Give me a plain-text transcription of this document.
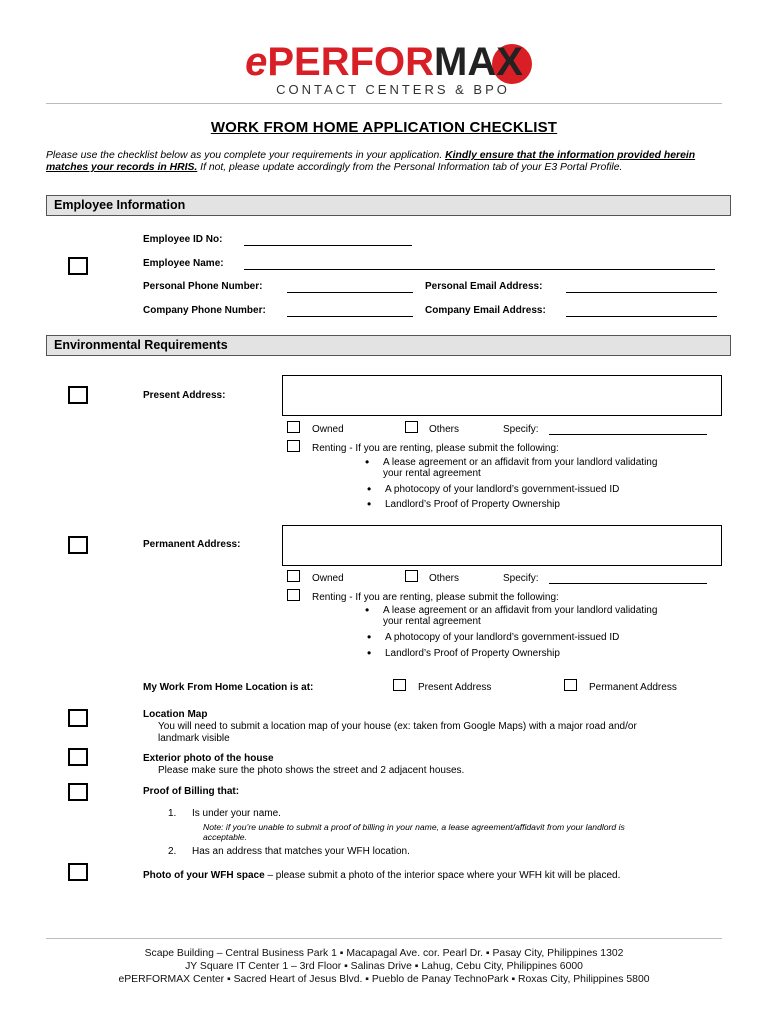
ePERFORMA
X
CONTACT CENTERS & BPO
WORK FROM HOME APPLICATION CHECKLIST
Please use the checklist below as you complete your requirements in your application. Kindly ensure that the information provided herein matches your records in HRIS. If not, please update accordingly from the Personal Information tab of your E3 Portal Profile.
Employee Information
Employee ID No:
Employee Name:
Personal Phone Number:	Personal Email Address:
Company Phone Number:	Company Email Address:
Environmental Requirements
Present Address:
Owned	Others	Specify:
Renting - If you are renting, please submit the following:
• A lease agreement or an affidavit from your landlord validating
your rental agreement
• A photocopy of your landlord’s government-issued ID
• Landlord’s Proof of Property Ownership
Permanent Address:
Owned	Others	Specify:
Renting - If you are renting, please submit the following:
• A lease agreement or an affidavit from your landlord validating
your rental agreement
• A photocopy of your landlord’s government-issued ID
• Landlord’s Proof of Property Ownership
My Work From Home Location is at:	Present Address	Permanent Address
Location Map
You will need to submit a location map of your house (ex: taken from Google Maps) with a major road and/or
landmark visible
Exterior photo of the house
Please make sure the photo shows the street and 2 adjacent houses.
Proof of Billing that:
1. Is under your name.
Note: if you’re unable to submit a proof of billing in your name, a lease agreement/affidavit from your landlord is
acceptable.
2. Has an address that matches your WFH location.
Photo of your WFH space – please submit a photo of the interior space where your WFH kit will be placed.
Scape Building – Central Business Park 1 ▪ Macapagal Ave. cor. Pearl Dr. ▪ Pasay City, Philippines 1302
JY Square IT Center 1 – 3rd Floor ▪ Salinas Drive ▪ Lahug, Cebu City, Philippines 6000
ePERFORMAX Center ▪ Sacred Heart of Jesus Blvd. ▪ Pueblo de Panay TechnoPark ▪ Roxas City, Philippines 5800
